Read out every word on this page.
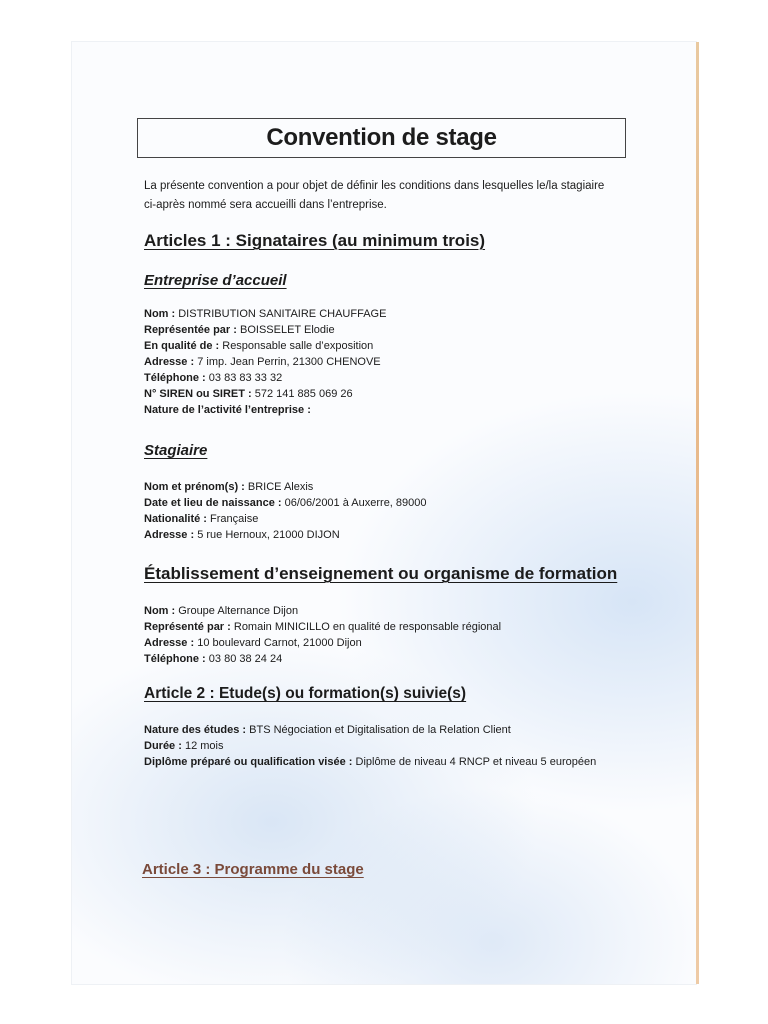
Convention de stage
La présente convention a pour objet de définir les conditions dans lesquelles le/la stagiaire
ci-après nommé sera accueilli dans l’entreprise.
Articles 1 : Signataires (au minimum trois)
Entreprise d’accueil
Nom : DISTRIBUTION SANITAIRE CHAUFFAGE
Représentée par : BOISSELET Elodie
En qualité de : Responsable salle d’exposition
Adresse : 7 imp. Jean Perrin, 21300 CHENOVE
Téléphone : 03 83 83 33 32
N° SIREN ou SIRET : 572 141 885 069 26
Nature de l’activité l’entreprise :
Stagiaire
Nom et prénom(s) : BRICE Alexis
Date et lieu de naissance : 06/06/2001 à Auxerre, 89000
Nationalité : Française
Adresse : 5 rue Hernoux, 21000 DIJON
Établissement d’enseignement ou organisme de formation
Nom : Groupe Alternance Dijon
Représenté par : Romain MINICILLO en qualité de responsable régional
Adresse : 10 boulevard Carnot, 21000 Dijon
Téléphone : 03 80 38 24 24
Article 2 : Etude(s) ou formation(s) suivie(s)
Nature des études : BTS Négociation et Digitalisation de la Relation Client
Durée : 12 mois
Diplôme préparé ou qualification visée : Diplôme de niveau 4 RNCP et niveau 5 européen
Article 3 : Programme du stage
